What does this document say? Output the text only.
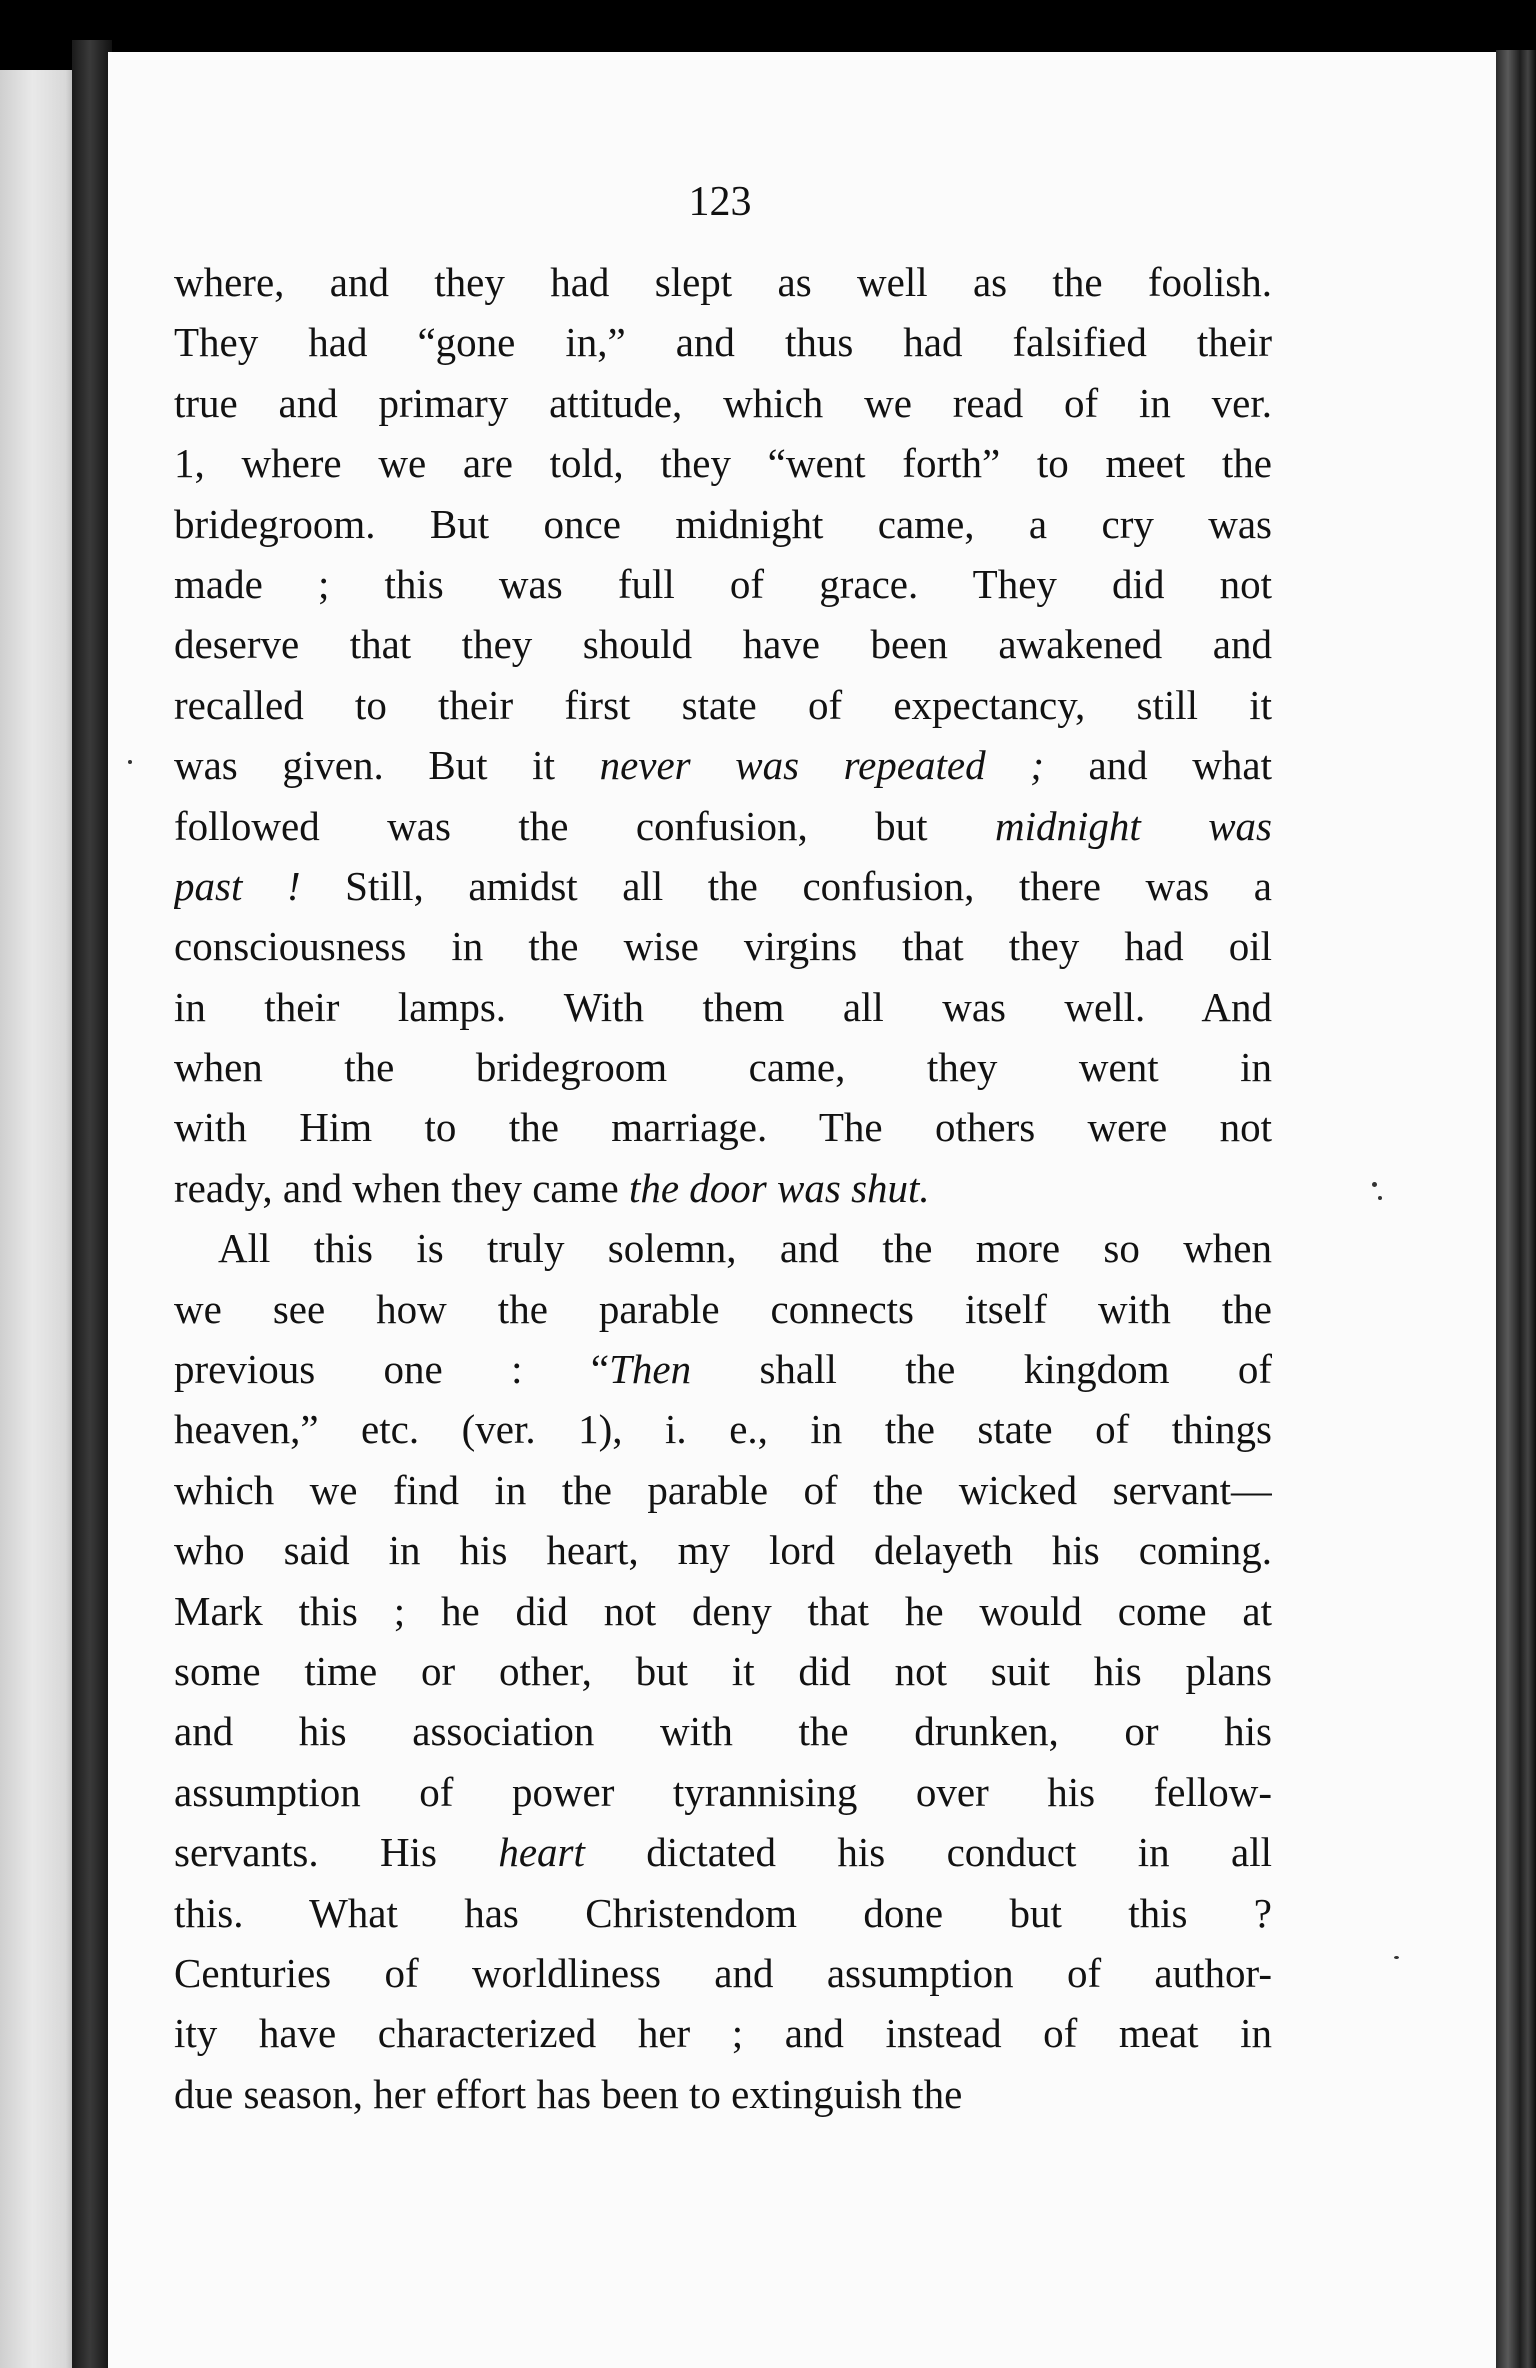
123

where, and they had slept as well as the foolish.
They had “gone in,” and thus had falsified their
true and primary attitude, which we read of in ver.
1, where we are told, they “went forth” to meet the
bridegroom. But once midnight came, a cry was
made ; this was full of grace. They did not
deserve that they should have been awakened and
recalled to their first state of expectancy, still it
was given. But it never was repeated ; and what
followed was the confusion, but midnight was
past ! Still, amidst all the confusion, there was a
consciousness in the wise virgins that they had oil
in their lamps. With them all was well. And
when the bridegroom came, they went in
with Him to the marriage. The others were not
ready, and when they came the door was shut.
All this is truly solemn, and the more so when
we see how the parable connects itself with the
previous one : “Then shall the kingdom of
heaven,” etc. (ver. 1), i. e., in the state of things
which we find in the parable of the wicked servant—
who said in his heart, my lord delayeth his coming.
Mark this ; he did not deny that he would come at
some time or other, but it did not suit his plans
and his association with the drunken, or his
assumption of power tyrannising over his fellow-
servants. His heart dictated his conduct in all
this. What has Christendom done but this ?
Centuries of worldliness and assumption of author-
ity have characterized her ; and instead of meat in
due season, her effort has been to extinguish the
